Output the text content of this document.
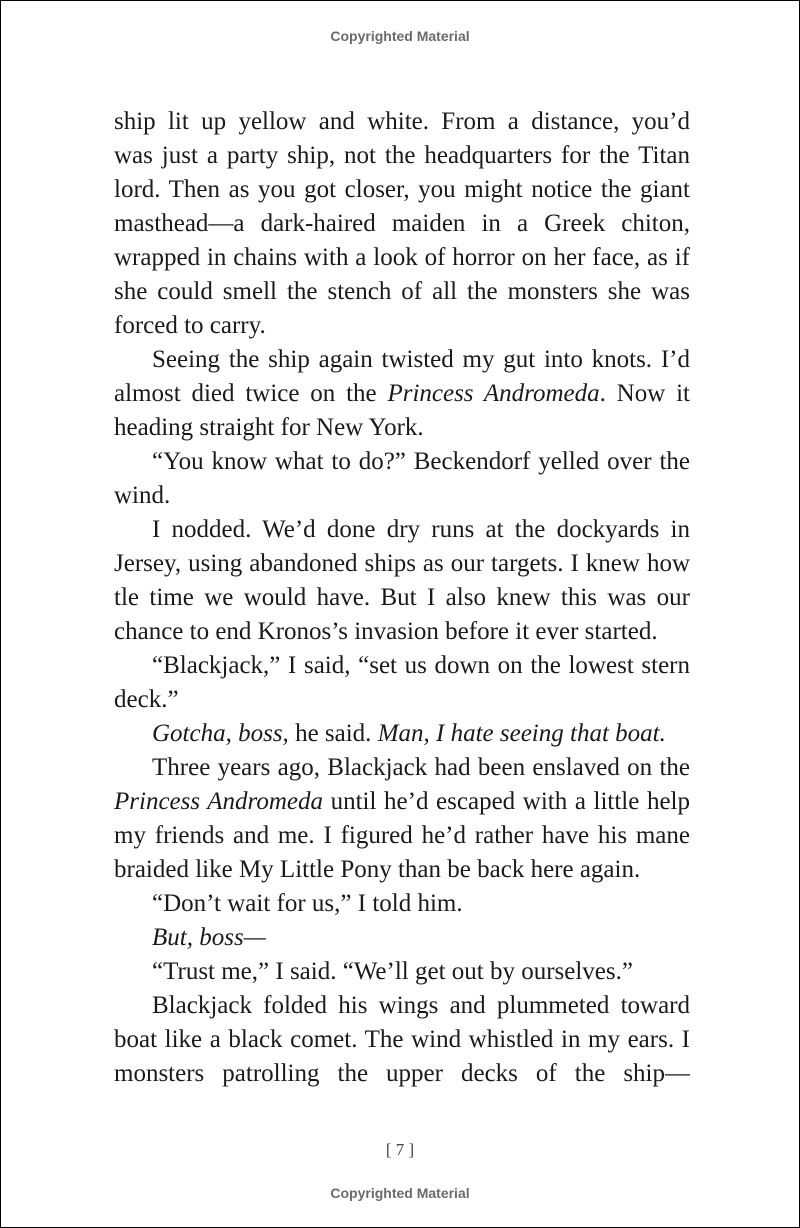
Copyrighted Material
ship lit up yellow and white. From a distance, you’d
was just a party ship, not the headquarters for the Titan
lord. Then as you got closer, you might notice the giant
masthead—a dark-haired maiden in a Greek chiton,
wrapped in chains with a look of horror on her face, as if
she could smell the stench of all the monsters she was
forced to carry.
Seeing the ship again twisted my gut into knots. I’d
almost died twice on the Princess Andromeda. Now it
heading straight for New York.
“You know what to do?” Beckendorf yelled over the
wind.
I nodded. We’d done dry runs at the dockyards in
Jersey, using abandoned ships as our targets. I knew how
tle time we would have. But I also knew this was our
chance to end Kronos’s invasion before it ever started.
“Blackjack,” I said, “set us down on the lowest stern
deck.”
Gotcha, boss, he said. Man, I hate seeing that boat.
Three years ago, Blackjack had been enslaved on the
Princess Andromeda until he’d escaped with a little help
my friends and me. I figured he’d rather have his mane
braided like My Little Pony than be back here again.
“Don’t wait for us,” I told him.
But, boss—
“Trust me,” I said. “We’ll get out by ourselves.”
Blackjack folded his wings and plummeted toward
boat like a black comet. The wind whistled in my ears. I
monsters patrolling the upper decks of the ship—
[ 7 ]
Copyrighted Material
